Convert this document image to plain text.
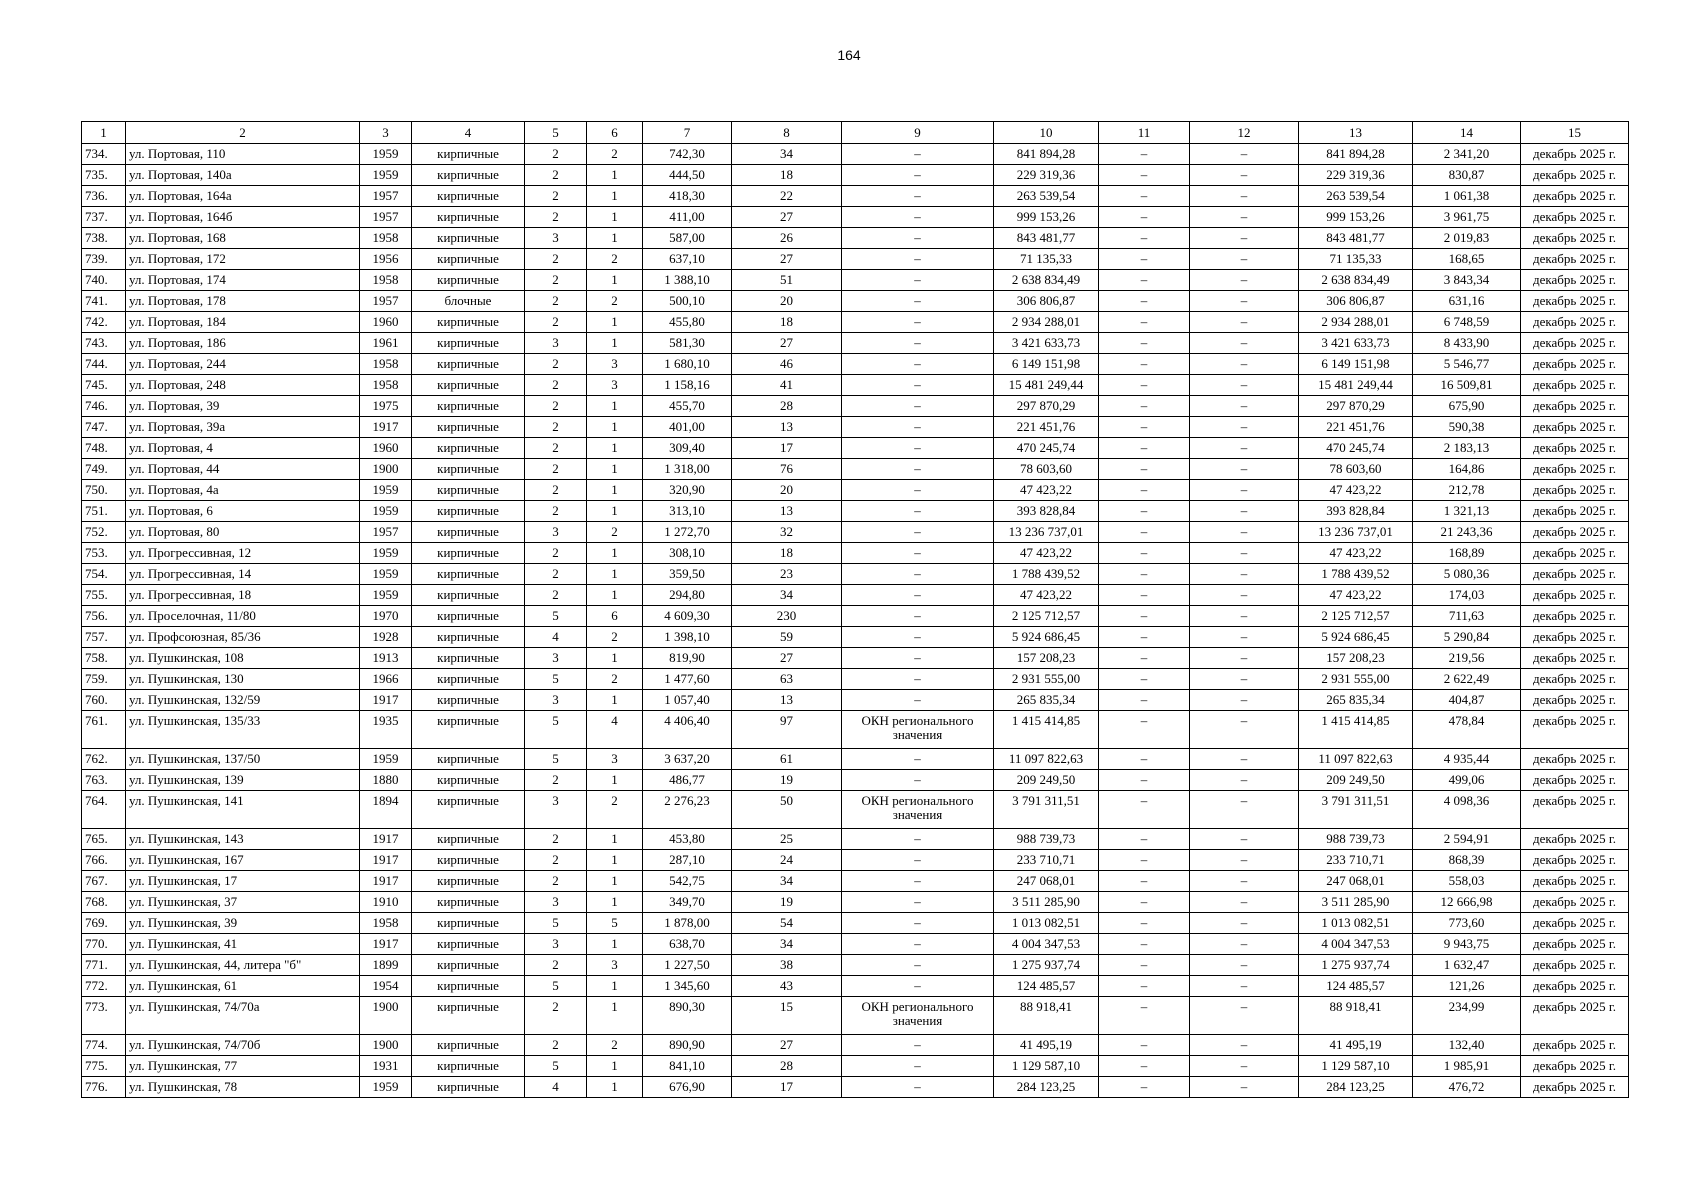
164
1	2	3	4	5	6	7	8	9	10	11	12	13	14	15
734.	ул. Портовая, 110	1959	кирпичные	2	2	742,30	34	–	841 894,28	–	–	841 894,28	2 341,20	декабрь 2025 г.
735.	ул. Портовая, 140а	1959	кирпичные	2	1	444,50	18	–	229 319,36	–	–	229 319,36	830,87	декабрь 2025 г.
736.	ул. Портовая, 164а	1957	кирпичные	2	1	418,30	22	–	263 539,54	–	–	263 539,54	1 061,38	декабрь 2025 г.
737.	ул. Портовая, 164б	1957	кирпичные	2	1	411,00	27	–	999 153,26	–	–	999 153,26	3 961,75	декабрь 2025 г.
738.	ул. Портовая, 168	1958	кирпичные	3	1	587,00	26	–	843 481,77	–	–	843 481,77	2 019,83	декабрь 2025 г.
739.	ул. Портовая, 172	1956	кирпичные	2	2	637,10	27	–	71 135,33	–	–	71 135,33	168,65	декабрь 2025 г.
740.	ул. Портовая, 174	1958	кирпичные	2	1	1 388,10	51	–	2 638 834,49	–	–	2 638 834,49	3 843,34	декабрь 2025 г.
741.	ул. Портовая, 178	1957	блочные	2	2	500,10	20	–	306 806,87	–	–	306 806,87	631,16	декабрь 2025 г.
742.	ул. Портовая, 184	1960	кирпичные	2	1	455,80	18	–	2 934 288,01	–	–	2 934 288,01	6 748,59	декабрь 2025 г.
743.	ул. Портовая, 186	1961	кирпичные	3	1	581,30	27	–	3 421 633,73	–	–	3 421 633,73	8 433,90	декабрь 2025 г.
744.	ул. Портовая, 244	1958	кирпичные	2	3	1 680,10	46	–	6 149 151,98	–	–	6 149 151,98	5 546,77	декабрь 2025 г.
745.	ул. Портовая, 248	1958	кирпичные	2	3	1 158,16	41	–	15 481 249,44	–	–	15 481 249,44	16 509,81	декабрь 2025 г.
746.	ул. Портовая, 39	1975	кирпичные	2	1	455,70	28	–	297 870,29	–	–	297 870,29	675,90	декабрь 2025 г.
747.	ул. Портовая, 39а	1917	кирпичные	2	1	401,00	13	–	221 451,76	–	–	221 451,76	590,38	декабрь 2025 г.
748.	ул. Портовая, 4	1960	кирпичные	2	1	309,40	17	–	470 245,74	–	–	470 245,74	2 183,13	декабрь 2025 г.
749.	ул. Портовая, 44	1900	кирпичные	2	1	1 318,00	76	–	78 603,60	–	–	78 603,60	164,86	декабрь 2025 г.
750.	ул. Портовая, 4а	1959	кирпичные	2	1	320,90	20	–	47 423,22	–	–	47 423,22	212,78	декабрь 2025 г.
751.	ул. Портовая, 6	1959	кирпичные	2	1	313,10	13	–	393 828,84	–	–	393 828,84	1 321,13	декабрь 2025 г.
752.	ул. Портовая, 80	1957	кирпичные	3	2	1 272,70	32	–	13 236 737,01	–	–	13 236 737,01	21 243,36	декабрь 2025 г.
753.	ул. Прогрессивная, 12	1959	кирпичные	2	1	308,10	18	–	47 423,22	–	–	47 423,22	168,89	декабрь 2025 г.
754.	ул. Прогрессивная, 14	1959	кирпичные	2	1	359,50	23	–	1 788 439,52	–	–	1 788 439,52	5 080,36	декабрь 2025 г.
755.	ул. Прогрессивная, 18	1959	кирпичные	2	1	294,80	34	–	47 423,22	–	–	47 423,22	174,03	декабрь 2025 г.
756.	ул. Проселочная, 11/80	1970	кирпичные	5	6	4 609,30	230	–	2 125 712,57	–	–	2 125 712,57	711,63	декабрь 2025 г.
757.	ул. Профсоюзная, 85/36	1928	кирпичные	4	2	1 398,10	59	–	5 924 686,45	–	–	5 924 686,45	5 290,84	декабрь 2025 г.
758.	ул. Пушкинская, 108	1913	кирпичные	3	1	819,90	27	–	157 208,23	–	–	157 208,23	219,56	декабрь 2025 г.
759.	ул. Пушкинская, 130	1966	кирпичные	5	2	1 477,60	63	–	2 931 555,00	–	–	2 931 555,00	2 622,49	декабрь 2025 г.
760.	ул. Пушкинская, 132/59	1917	кирпичные	3	1	1 057,40	13	–	265 835,34	–	–	265 835,34	404,87	декабрь 2025 г.
761.	ул. Пушкинская, 135/33	1935	кирпичные	5	4	4 406,40	97	ОКН регионального значения	1 415 414,85	–	–	1 415 414,85	478,84	декабрь 2025 г.
762.	ул. Пушкинская, 137/50	1959	кирпичные	5	3	3 637,20	61	–	11 097 822,63	–	–	11 097 822,63	4 935,44	декабрь 2025 г.
763.	ул. Пушкинская, 139	1880	кирпичные	2	1	486,77	19	–	209 249,50	–	–	209 249,50	499,06	декабрь 2025 г.
764.	ул. Пушкинская, 141	1894	кирпичные	3	2	2 276,23	50	ОКН регионального значения	3 791 311,51	–	–	3 791 311,51	4 098,36	декабрь 2025 г.
765.	ул. Пушкинская, 143	1917	кирпичные	2	1	453,80	25	–	988 739,73	–	–	988 739,73	2 594,91	декабрь 2025 г.
766.	ул. Пушкинская, 167	1917	кирпичные	2	1	287,10	24	–	233 710,71	–	–	233 710,71	868,39	декабрь 2025 г.
767.	ул. Пушкинская, 17	1917	кирпичные	2	1	542,75	34	–	247 068,01	–	–	247 068,01	558,03	декабрь 2025 г.
768.	ул. Пушкинская, 37	1910	кирпичные	3	1	349,70	19	–	3 511 285,90	–	–	3 511 285,90	12 666,98	декабрь 2025 г.
769.	ул. Пушкинская, 39	1958	кирпичные	5	5	1 878,00	54	–	1 013 082,51	–	–	1 013 082,51	773,60	декабрь 2025 г.
770.	ул. Пушкинская, 41	1917	кирпичные	3	1	638,70	34	–	4 004 347,53	–	–	4 004 347,53	9 943,75	декабрь 2025 г.
771.	ул. Пушкинская, 44, литера "б"	1899	кирпичные	2	3	1 227,50	38	–	1 275 937,74	–	–	1 275 937,74	1 632,47	декабрь 2025 г.
772.	ул. Пушкинская, 61	1954	кирпичные	5	1	1 345,60	43	–	124 485,57	–	–	124 485,57	121,26	декабрь 2025 г.
773.	ул. Пушкинская, 74/70а	1900	кирпичные	2	1	890,30	15	ОКН регионального значения	88 918,41	–	–	88 918,41	234,99	декабрь 2025 г.
774.	ул. Пушкинская, 74/70б	1900	кирпичные	2	2	890,90	27	–	41 495,19	–	–	41 495,19	132,40	декабрь 2025 г.
775.	ул. Пушкинская, 77	1931	кирпичные	5	1	841,10	28	–	1 129 587,10	–	–	1 129 587,10	1 985,91	декабрь 2025 г.
776.	ул. Пушкинская, 78	1959	кирпичные	4	1	676,90	17	–	284 123,25	–	–	284 123,25	476,72	декабрь 2025 г.
